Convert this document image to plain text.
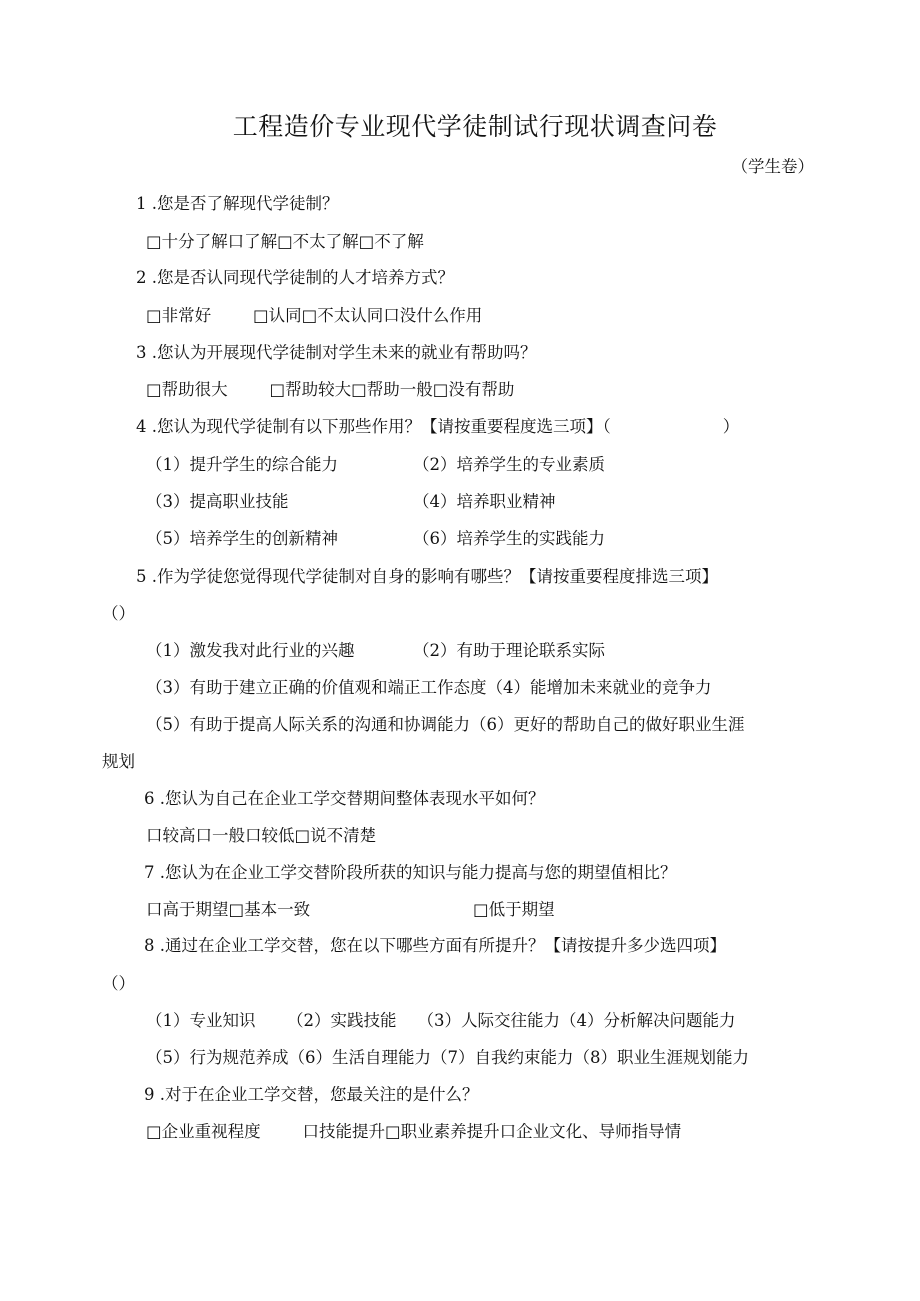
工程造价专业现代学徒制试行现状调查问卷
（学生卷）
1 .您是否了解现代学徒制？
□十分了解口了解□不太了解□不了解
2 .您是否认同现代学徒制的人才培养方式？
□非常好        □认同□不太认同口没什么作用
3 .您认为开展现代学徒制对学生未来的就业有帮助吗？
□帮助很大        □帮助较大□帮助一般□没有帮助
4 .您认为现代学徒制有以下那些作用？【请按重要程度选三项】（	）
（1）提升学生的综合能力	（2）培养学生的专业素质
（3）提高职业技能	（4）培养职业精神
（5）培养学生的创新精神	（6）培养学生的实践能力
5 .作为学徒您觉得现代学徒制对自身的影响有哪些？【请按重要程度排选三项】
（）
（1）激发我对此行业的兴趣	（2）有助于理论联系实际
（3）有助于建立正确的价值观和端正工作态度（4）能增加未来就业的竞争力
（5）有助于提高人际关系的沟通和协调能力（6）更好的帮助自己的做好职业生涯
规划
6 .您认为自己在企业工学交替期间整体表现水平如何？
口较高口一般口较低□说不清楚
7 .您认为在企业工学交替阶段所获的知识与能力提高与您的期望值相比？
口高于期望□基本一致	□低于期望
8 .通过在企业工学交替，您在以下哪些方面有所提升？【请按提升多少选四项】
（）
（1）专业知识      （2）实践技能    （3）人际交往能力（4）分析解决问题能力
（5）行为规范养成（6）生活自理能力（7）自我约束能力（8）职业生涯规划能力
9 .对于在企业工学交替，您最关注的是什么？
□企业重视程度        口技能提升□职业素养提升口企业文化、导师指导情
